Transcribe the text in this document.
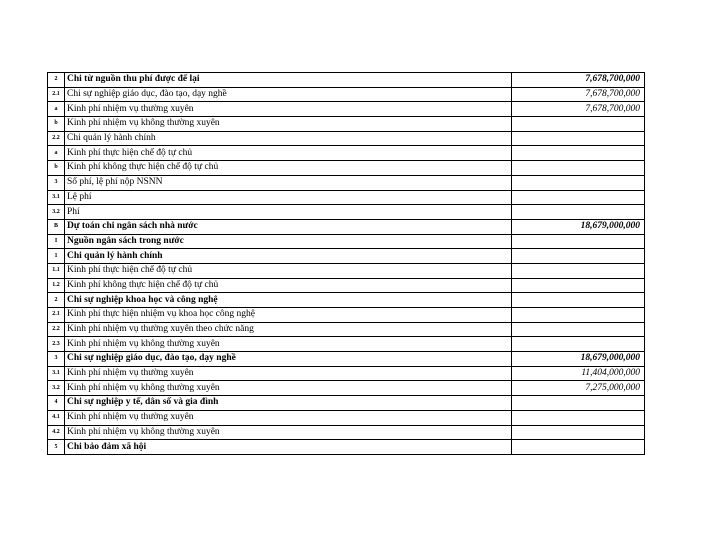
2	Chi từ nguồn thu phí được để lại	7,678,700,000
2.1	Chi sự nghiệp giáo dục, đào tạo, dạy nghề	7,678,700,000
a	Kinh phí nhiệm vụ thường xuyên	7,678,700,000
b	Kinh phí nhiệm vụ không thường xuyên	
2.2	Chi quản lý hành chính	
a	Kinh phí thực hiện chế độ tự chủ	
b	Kinh phí không thực hiện chế độ tự chủ	
3	Số phí, lệ phí nộp NSNN	
3.1	Lệ phí	
3.2	Phí	
B	Dự toán chi ngân sách nhà nước	18,679,000,000
I	Nguồn ngân sách trong nước	
1	Chi quản lý hành chính	
1.1	Kinh phí thực hiện chế độ tự chủ	
1.2	Kinh phí không thực hiện chế độ tự chủ	
2	Chi sự nghiệp khoa học và công nghệ	
2.1	Kinh phí thực hiện nhiệm vụ khoa học công nghệ	
2.2	Kinh phí nhiệm vụ thường xuyên theo chức năng	
2.3	Kinh phí nhiệm vụ không thường xuyên	
3	Chi sự nghiệp giáo dục, đào tạo, dạy nghề	18,679,000,000
3.1	Kinh phí nhiệm vụ thường xuyên	11,404,000,000
3.2	Kinh phí nhiệm vụ không thường xuyên	7,275,000,000
4	Chi sự nghiệp y tế, dân số và gia đình	
4.1	Kinh phí nhiệm vụ thường xuyên	
4.2	Kinh phí nhiệm vụ không thường xuyên	
5	Chi bảo đảm xã hội	
